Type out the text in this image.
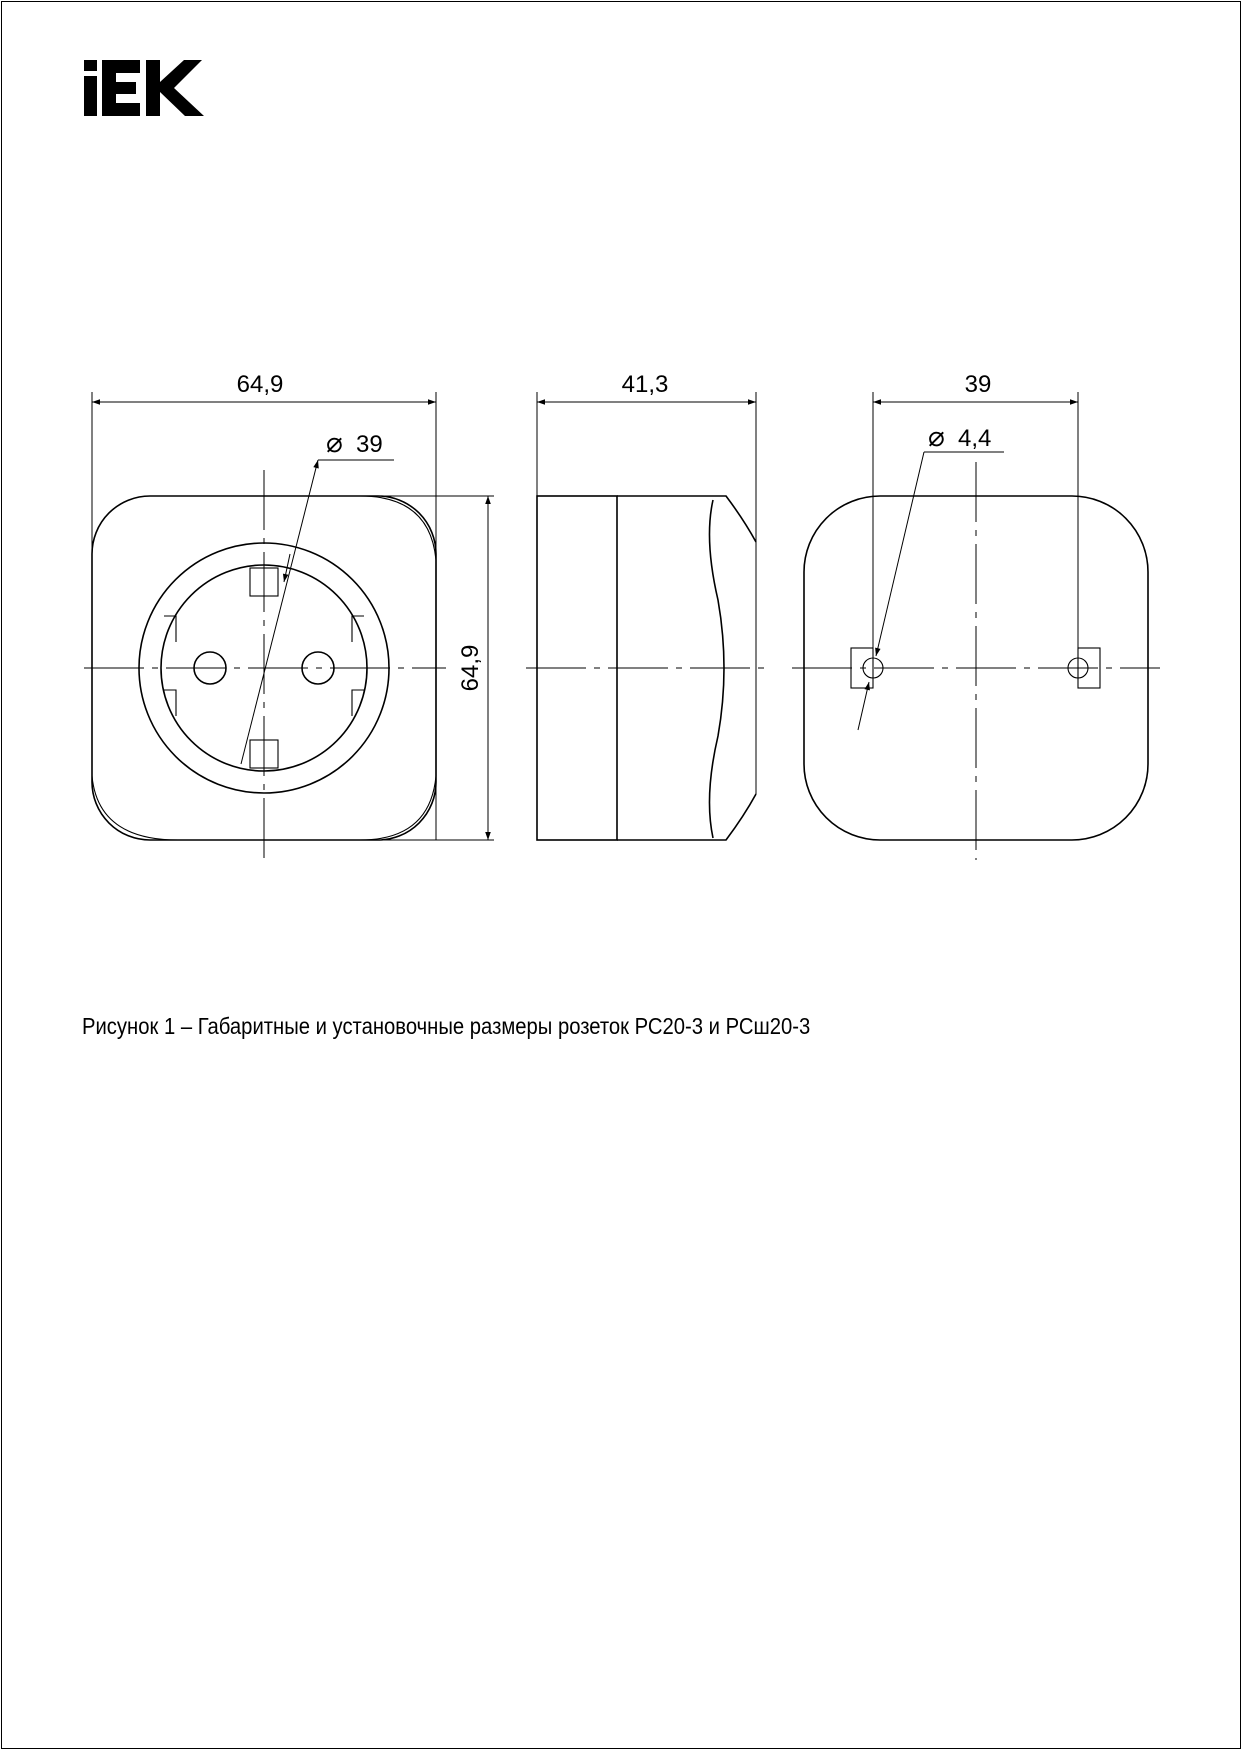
64,9
64,9
⌀ 39
41,3	39
⌀ 4,4
Рисунок 1 – Габаритные и установочные размеры розеток РС20-3 и РСш20-3
